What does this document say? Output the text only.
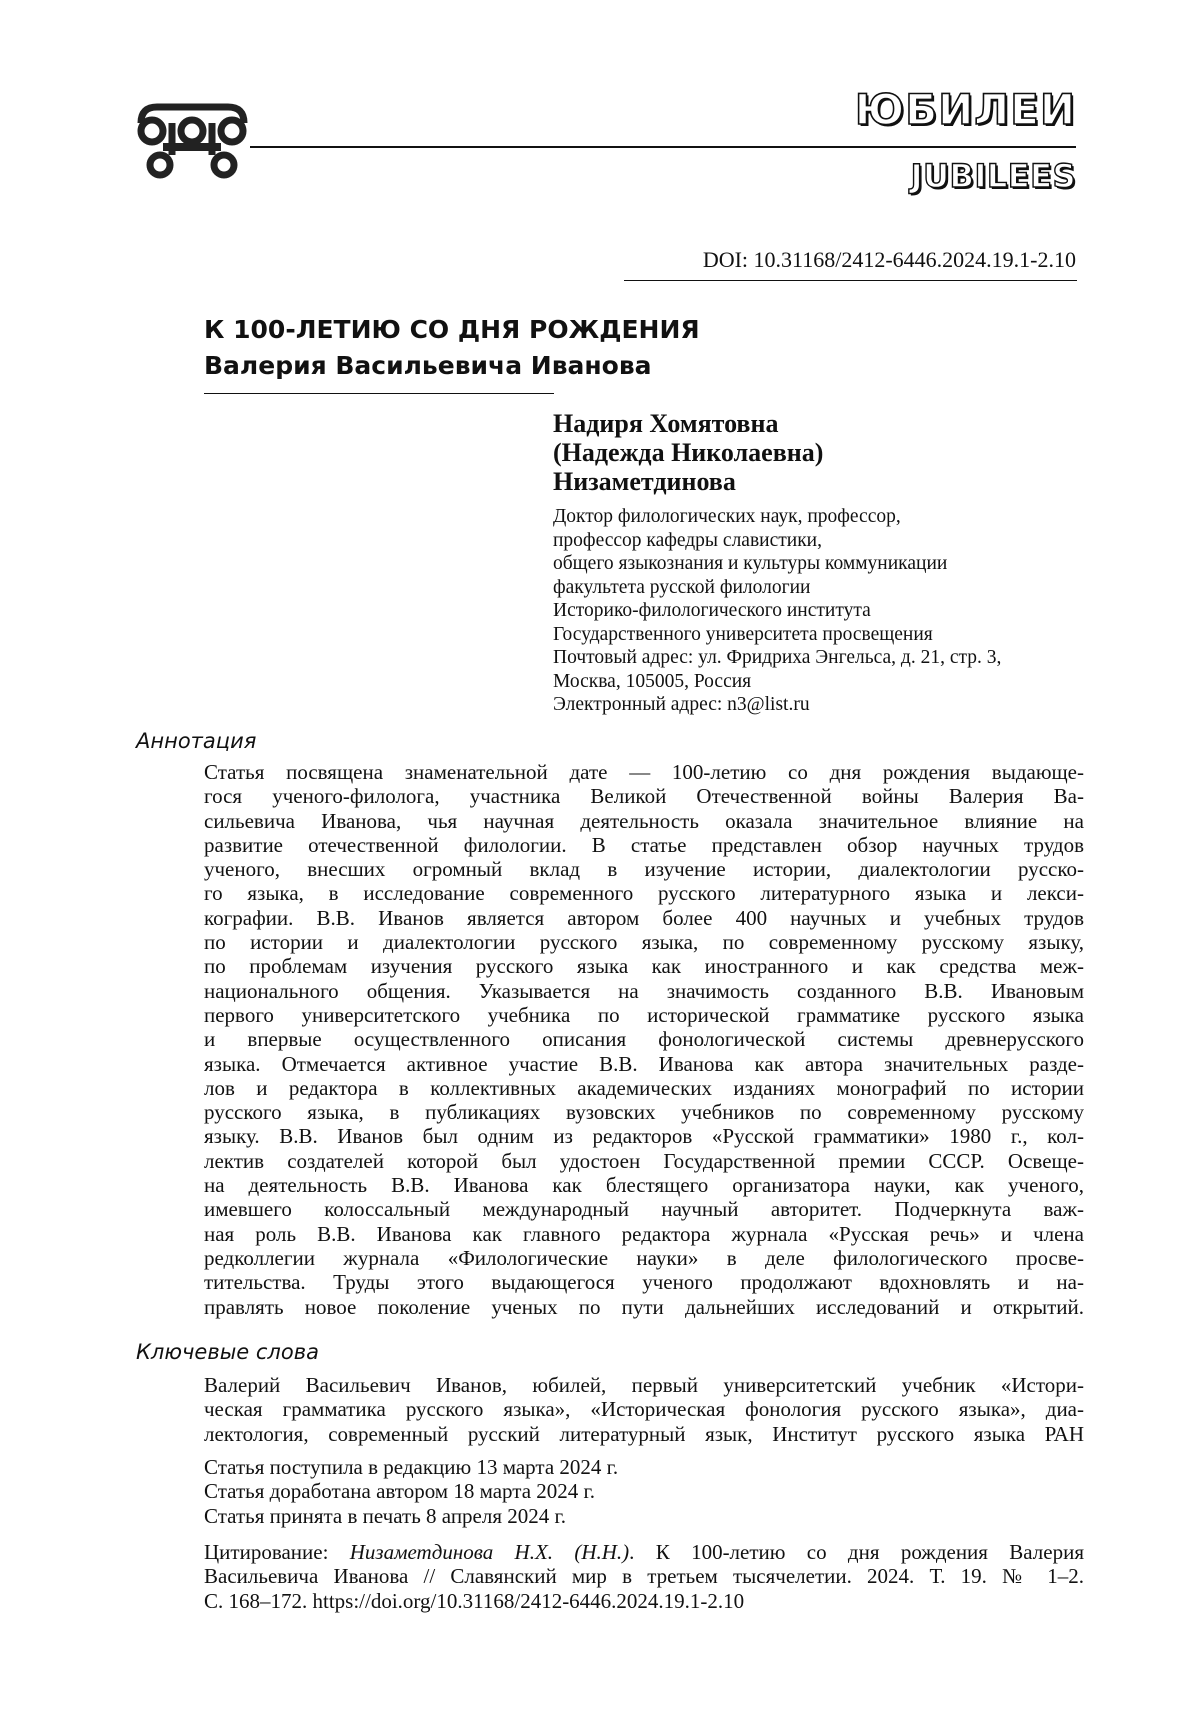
ЮБИЛЕИ
JUBILEES
DOI: 10.31168/2412-6446.2024.19.1-2.10
К 100-ЛЕТИЮ СО ДНЯ РОЖДЕНИЯ
Валерия Васильевича Иванова
Надиря Хомятовна
(Надежда Николаевна)
Низаметдинова
Доктор филологических наук, профессор,
профессор кафедры славистики,
общего языкознания и культуры коммуникации
факультета русской филологии
Историко-филологического института
Государственного университета просвещения
Почтовый адрес: ул. Фридриха Энгельса, д. 21, стр. 3,
Москва, 105005, Россия
Электронный адрес: n3@list.ru
Аннотация
Статья посвящена знаменательной дате — 100-летию со дня рождения выдающе-
гося ученого-филолога, участника Великой Отечественной войны Валерия Ва-
сильевича Иванова, чья научная деятельность оказала значительное влияние на
развитие отечественной филологии. В статье представлен обзор научных трудов
ученого, внесших огромный вклад в изучение истории, диалектологии русско-
го языка, в исследование современного русского литературного языка и лекси-
кографии. В.В. Иванов является автором более 400 научных и учебных трудов
по истории и диалектологии русского языка, по современному русскому языку,
по проблемам изучения русского языка как иностранного и как средства меж-
национального общения. Указывается на значимость созданного В.В. Ивановым
первого университетского учебника по исторической грамматике русского языка
и впервые осуществленного описания фонологической системы древнерусского
языка. Отмечается активное участие В.В. Иванова как автора значительных разде-
лов и редактора в коллективных академических изданиях монографий по истории
русского языка, в публикациях вузовских учебников по современному русскому
языку. В.В. Иванов был одним из редакторов «Русской грамматики» 1980 г., кол-
лектив создателей которой был удостоен Государственной премии СССР. Освеще-
на деятельность В.В. Иванова как блестящего организатора науки, как ученого,
имевшего колоссальный международный научный авторитет. Подчеркнута важ-
ная роль В.В. Иванова как главного редактора журнала «Русская речь» и члена
редколлегии журнала «Филологические науки» в деле филологического просве-
тительства. Труды этого выдающегося ученого продолжают вдохновлять и на-
правлять новое поколение ученых по пути дальнейших исследований и открытий.
Ключевые слова
Валерий Васильевич Иванов, юбилей, первый университетский учебник «Истори-
ческая грамматика русского языка», «Историческая фонология русского языка», диа-
лектология, современный русский литературный язык, Институт русского языка РАН
Статья поступила в редакцию 13 марта 2024 г.
Статья доработана автором 18 марта 2024 г.
Статья принята в печать 8 апреля 2024 г.
Цитирование: Низаметдинова Н.Х. (Н.Н.). К 100-летию со дня рождения Валерия
Васильевича Иванова // Славянский мир в третьем тысячелетии. 2024. Т. 19. № 1–2.
С. 168–172. https://doi.org/10.31168/2412-6446.2024.19.1-2.10
